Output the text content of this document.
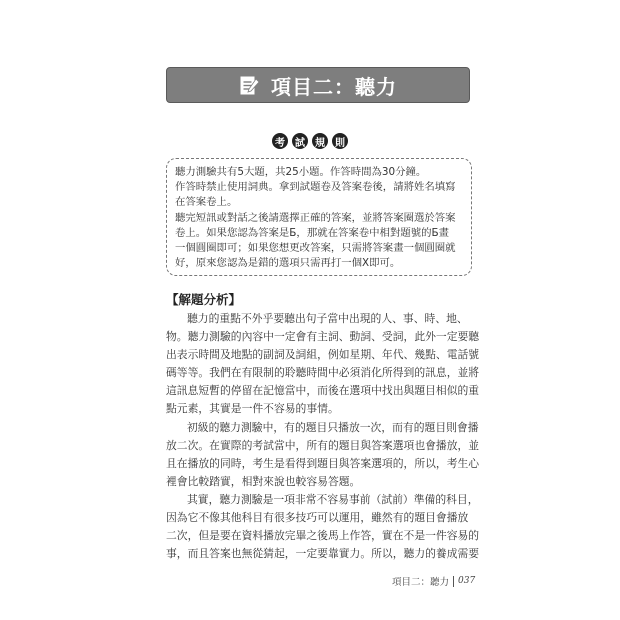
項目二：聽力
考	試	規	則
聽力測驗共有5大題，共25小題。作答時間為30分鐘。
作答時禁止使用詞典。拿到試題卷及答案卷後，請將姓名填寫
在答案卷上。
聽完短訊或對話之後請選擇正確的答案，並將答案圈選於答案
卷上。如果您認為答案是Б，那就在答案卷中相對題號的Б畫
一個圓圈即可；如果您想更改答案，只需將答案畫一個圓圈就
好，原來您認為是錯的選項只需再打一個X即可。
【解題分析】
聽力的重點不外乎要聽出句子當中出現的人、事、時、地、
物。聽力測驗的內容中一定會有主詞、動詞、受詞，此外一定要聽
出表示時間及地點的副詞及詞組，例如星期、年代、幾點、電話號
碼等等。我們在有限制的聆聽時間中必須消化所得到的訊息，並將
這訊息短暫的停留在記憶當中，而後在選項中找出與題目相似的重
點元素，其實是一件不容易的事情。
初級的聽力測驗中，有的題目只播放一次，而有的題目則會播
放二次。在實際的考試當中，所有的題目與答案選項也會播放，並
且在播放的同時，考生是看得到題目與答案選項的，所以，考生心
裡會比較踏實，相對來說也較容易答題。
其實，聽力測驗是一項非常不容易事前（試前）準備的科目，
因為它不像其他科目有很多技巧可以運用，雖然有的題目會播放
二次，但是要在資料播放完畢之後馬上作答，實在不是一件容易的
事，而且答案也無從猜起，一定要靠實力。所以，聽力的養成需要
項目二：聽力 037
